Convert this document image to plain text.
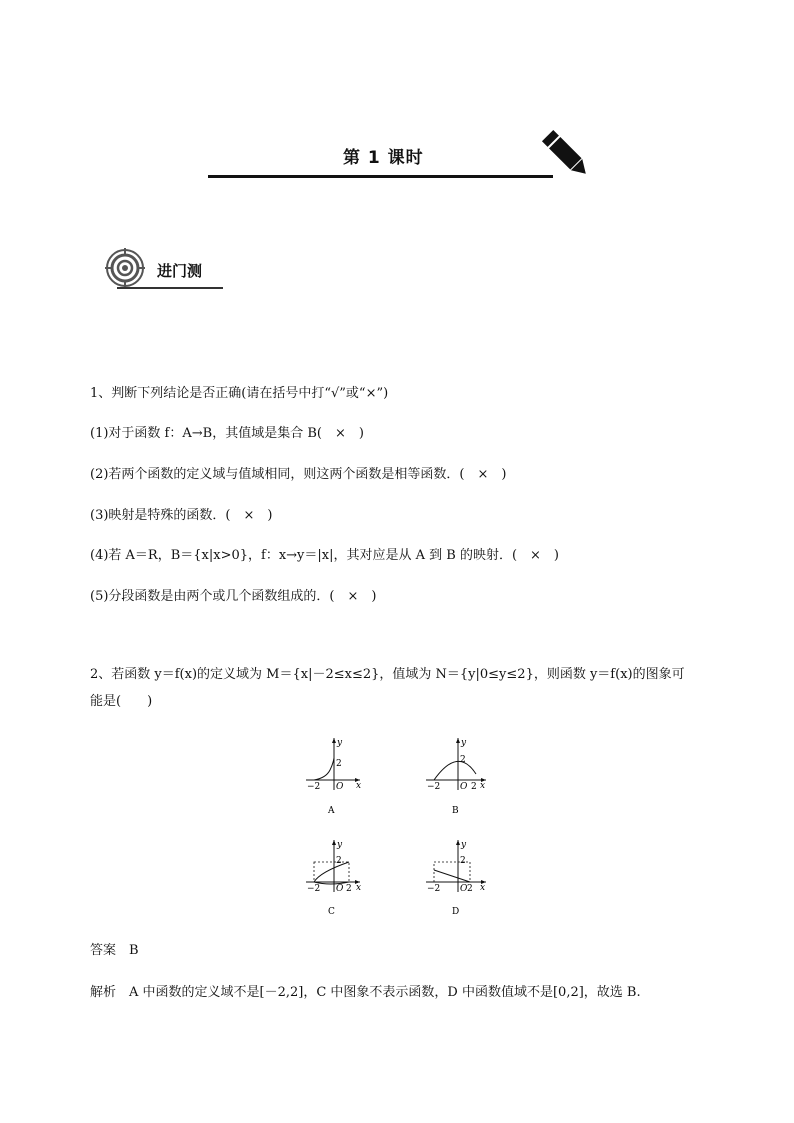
第 1 课时
进门测
1、判断下列结论是否正确(请在括号中打“√”或“×”)
(1)对于函数 f：A→B，其值域是集合 B(　×　)
(2)若两个函数的定义域与值域相同，则这两个函数是相等函数．(　×　)
(3)映射是特殊的函数．(　×　)
(4)若 A＝R，B＝{x|x>0}，f：x→y＝|x|，其对应是从 A 到 B 的映射．(　×　)
(5)分段函数是由两个或几个函数组成的．(　×　)
2、若函数 y＝f(x)的定义域为 M＝{x|－2≤x≤2}，值域为 N＝{y|0≤y≤2}，则函数 y＝f(x)的图象可
能是(　　)
y
x
2
−2 O
A
y
x
2
−2	2
O
B
y
x
2
−2	2
O
C
y
x
2
−2	2
O
D
答案　B
解析　A 中函数的定义域不是[－2,2]，C 中图象不表示函数，D 中函数值域不是[0,2]，故选 B.
